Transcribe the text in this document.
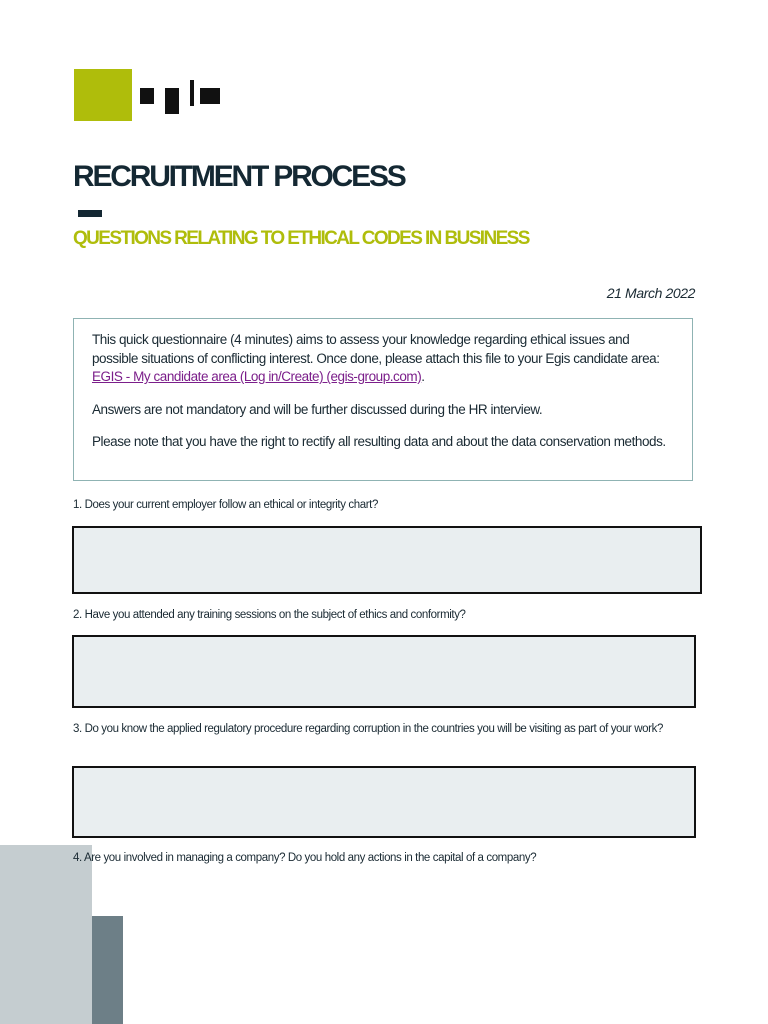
RECRUITMENT PROCESS
QUESTIONS RELATING TO ETHICAL CODES IN BUSINESS
21 March 2022

This quick questionnaire (4 minutes) aims to assess your knowledge regarding ethical issues and possible situations of conflicting interest. Once done, please attach this file to your Egis candidate area: EGIS - My candidate area (Log in/Create) (egis-group.com).

Answers are not mandatory and will be further discussed during the HR interview.

Please note that you have the right to rectify all resulting data and about the data conservation methods.

1. Does your current employer follow an ethical or integrity chart?
2. Have you attended any training sessions on the subject of ethics and conformity?
3. Do you know the applied regulatory procedure regarding corruption in the countries you will be visiting as part of your work?
4. Are you involved in managing a company? Do you hold any actions in the capital of a company?
